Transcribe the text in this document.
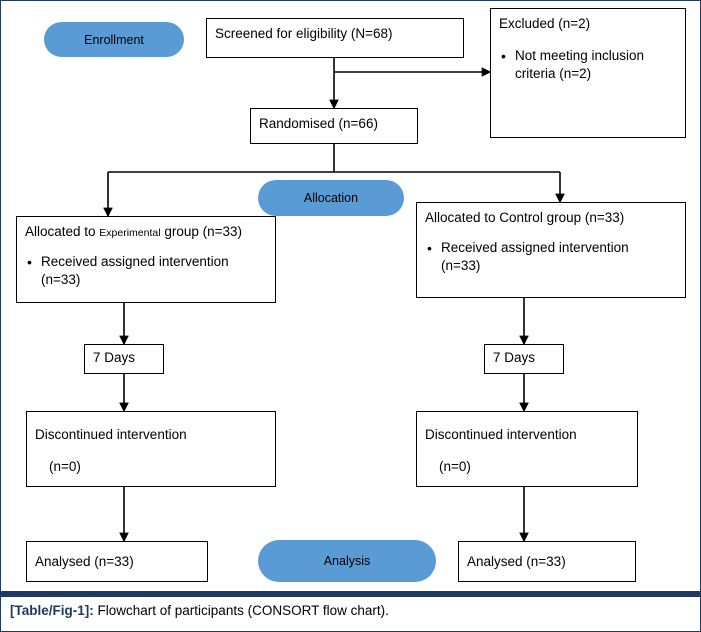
Enrollment	Screened for eligibility (N=68)
Excluded (n=2)
• Not meeting inclusion criteria (n=2)
Randomised (n=66)
Allocation
Allocated to Experimental group (n=33)
• Received assigned intervention (n=33)
Allocated to Control group (n=33)
• Received assigned intervention
(n=33)
7 Days	7 Days
Discontinued intervention
(n=0)
Discontinued intervention
(n=0)
Analysis
Analysed (n=33)	Analysed (n=33)
[Table/Fig-1]: Flowchart of participants (CONSORT flow chart).
